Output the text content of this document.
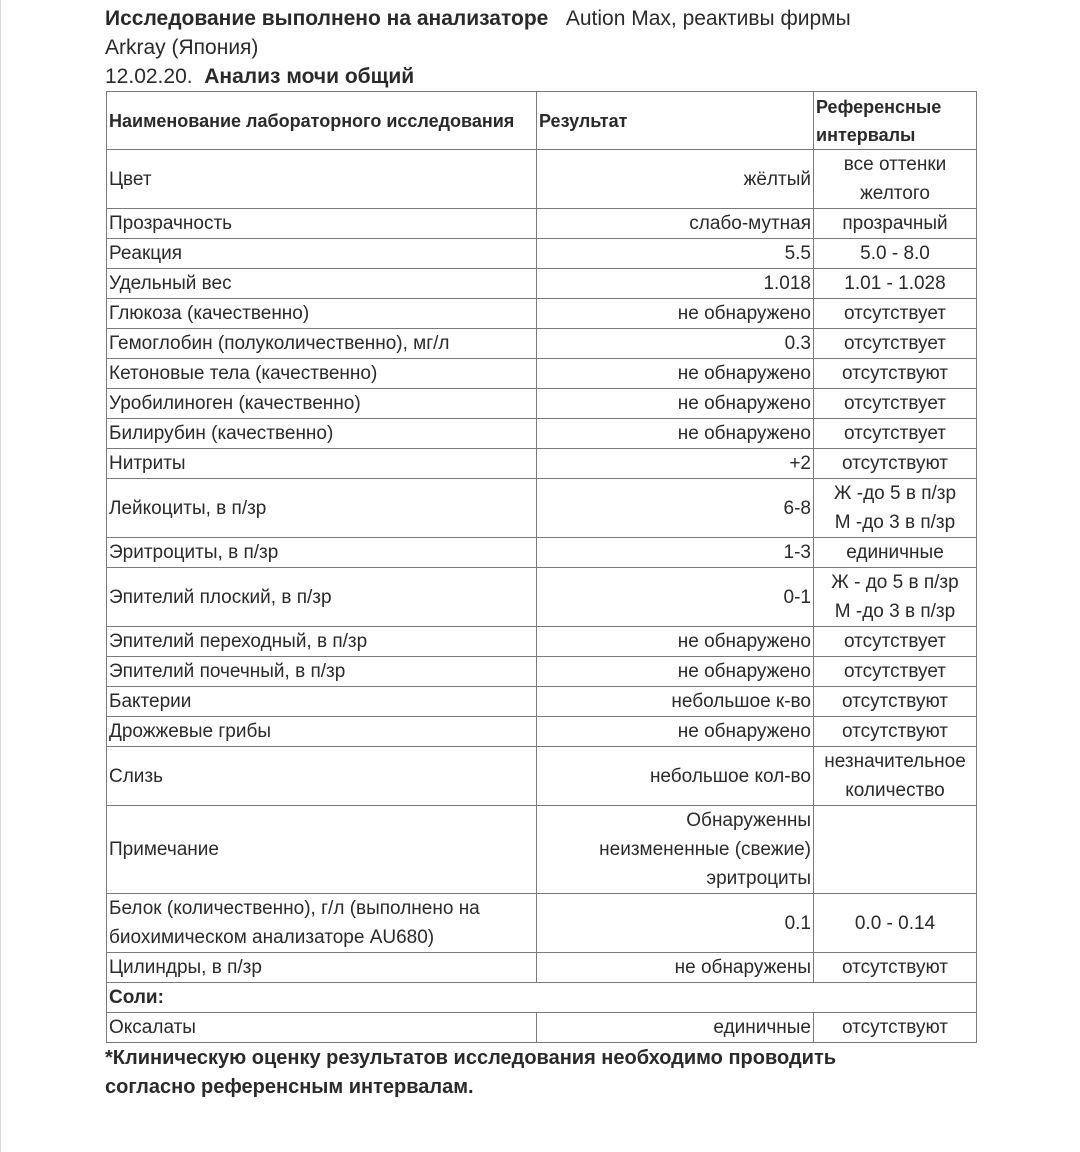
Исследование выполнено на анализаторе Aution Max, реактивы фирмы
Arkray (Япония)
12.02.20. Анализ мочи общий
Наименование лабораторного исследования	Результат	Референсные интервалы
Цвет	жёлтый	все оттенки
желтого

Прозрачность	слабо-мутная	прозрачный

Реакция	5.5	5.0 - 8.0

Удельный вес	1.018	1.01 - 1.028

Глюкоза (качественно)	не обнаружено	отсутствует

Гемоглобин (полуколичественно), мг/л	0.3	отсутствует

Кетоновые тела (качественно)	не обнаружено	отсутствуют

Уробилиноген (качественно)	не обнаружено	отсутствует

Билирубин (качественно)	не обнаружено	отсутствует

Нитриты	+2	отсутствуют

Лейкоциты, в п/зр	6-8	Ж -до 5 в п/зр
М -до 3 в п/зр

Эритроциты, в п/зр	1-3	единичные

Эпителий плоский, в п/зр	0-1	Ж - до 5 в п/зр
М -до 3 в п/зр

Эпителий переходный, в п/зр	не обнаружено	отсутствует

Эпителий почечный, в п/зр	не обнаружено	отсутствует

Бактерии	небольшое к-во	отсутствуют

Дрожжевые грибы	не обнаружено	отсутствуют

Слизь	небольшое кол-во	незначительное
количество

Примечание	Обнаруженны
неизмененные (свежие)
эритроциты	

Белок (количественно), г/л (выполнено на
биохимическом анализаторе AU680)	0.1	0.0 - 0.14

Цилиндры, в п/зр	не обнаружены	отсутствуют

Соли:		
Оксалаты	единичные	отсутствуют
*Клиническую оценку результатов исследования необходимо проводить
согласно референсным интервалам.
